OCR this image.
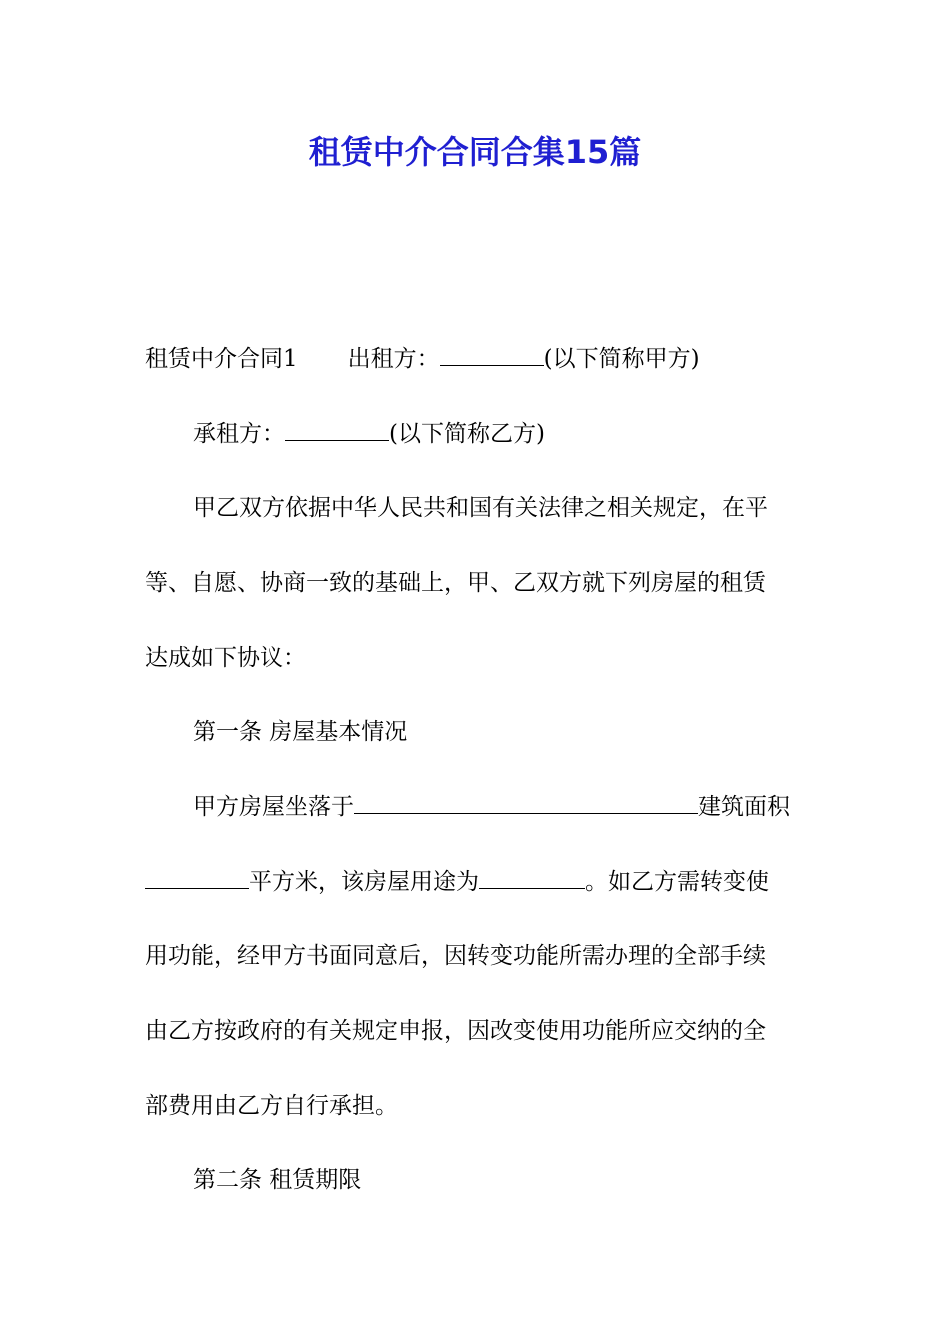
租赁中介合同合集15篇
租赁中介合同1 出租方：	(以下简称甲方)
承租方：	(以下简称乙方)
甲乙双方依据中华人民共和国有关法律之相关规定，在平
等、自愿、协商一致的基础上，甲、乙双方就下列房屋的租赁
达成如下协议：
第一条 房屋基本情况
甲方房屋坐落于	建筑面积
平方米，该房屋用途为	。如乙方需转变使
用功能，经甲方书面同意后，因转变功能所需办理的全部手续
由乙方按政府的有关规定申报，因改变使用功能所应交纳的全
部费用由乙方自行承担。
第二条 租赁期限
